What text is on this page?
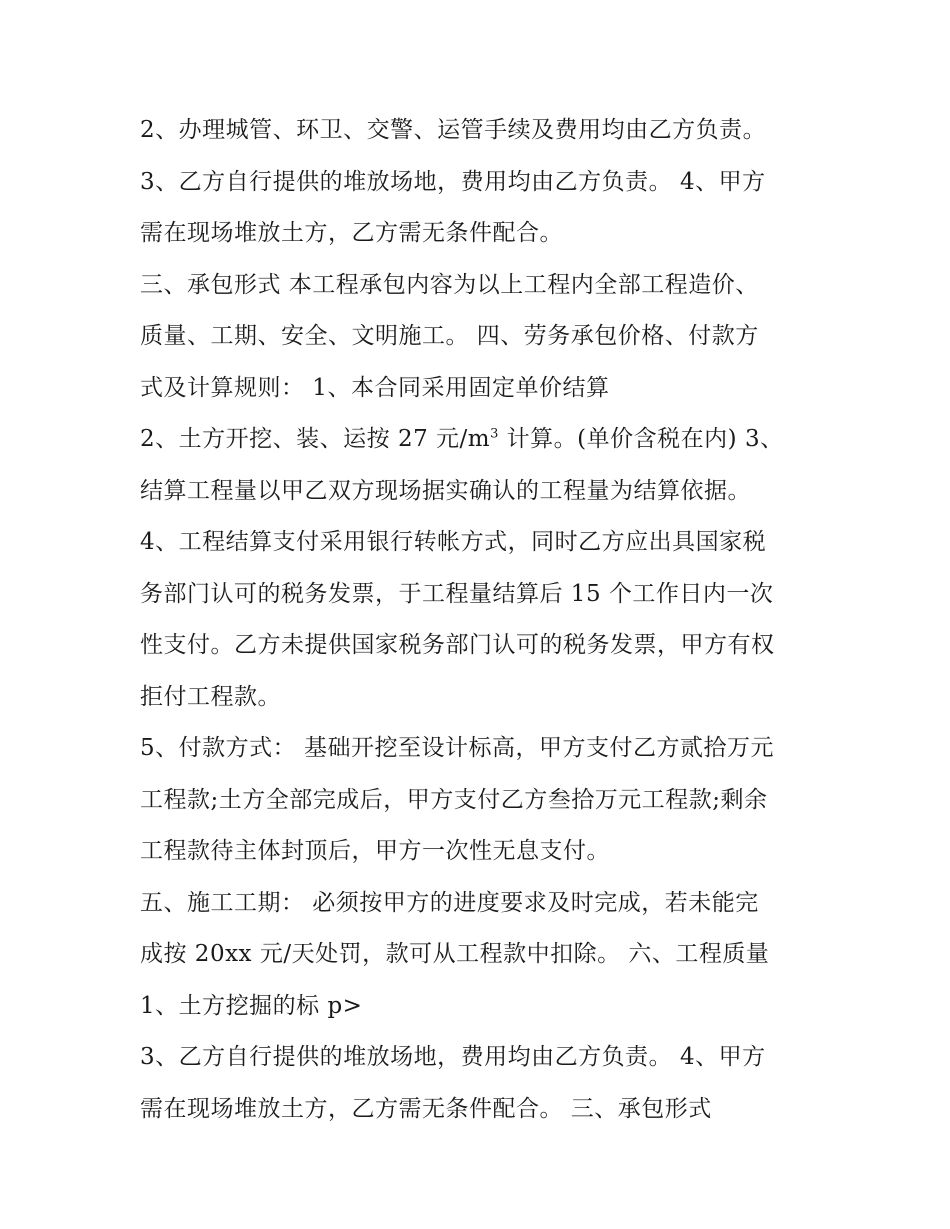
2、办理城管、环卫、交警、运管手续及费用均由乙方负责。
3、乙方自行提供的堆放场地，费用均由乙方负责。 4、甲方
需在现场堆放土方，乙方需无条件配合。
三、承包形式 本工程承包内容为以上工程内全部工程造价、
质量、工期、安全、文明施工。 四、劳务承包价格、付款方
式及计算规则： 1、本合同采用固定单价结算
2、土方开挖、装、运按 27 元$/m^3$ 计算。(单价含税在内) 3、
结算工程量以甲乙双方现场据实确认的工程量为结算依据。
4、工程结算支付采用银行转帐方式，同时乙方应出具国家税
务部门认可的税务发票，于工程量结算后 15 个工作日内一次
性支付。乙方未提供国家税务部门认可的税务发票，甲方有权
拒付工程款。
5、付款方式： 基础开挖至设计标高，甲方支付乙方贰拾万元
工程款;土方全部完成后，甲方支付乙方叁拾万元工程款;剩余
工程款待主体封顶后，甲方一次性无息支付。
五、施工工期： 必须按甲方的进度要求及时完成，若未能完
成按 20xx 元/天处罚，款可从工程款中扣除。 六、工程质量
1、土方挖掘的标 p>
3、乙方自行提供的堆放场地，费用均由乙方负责。 4、甲方
需在现场堆放土方，乙方需无条件配合。 三、承包形式
